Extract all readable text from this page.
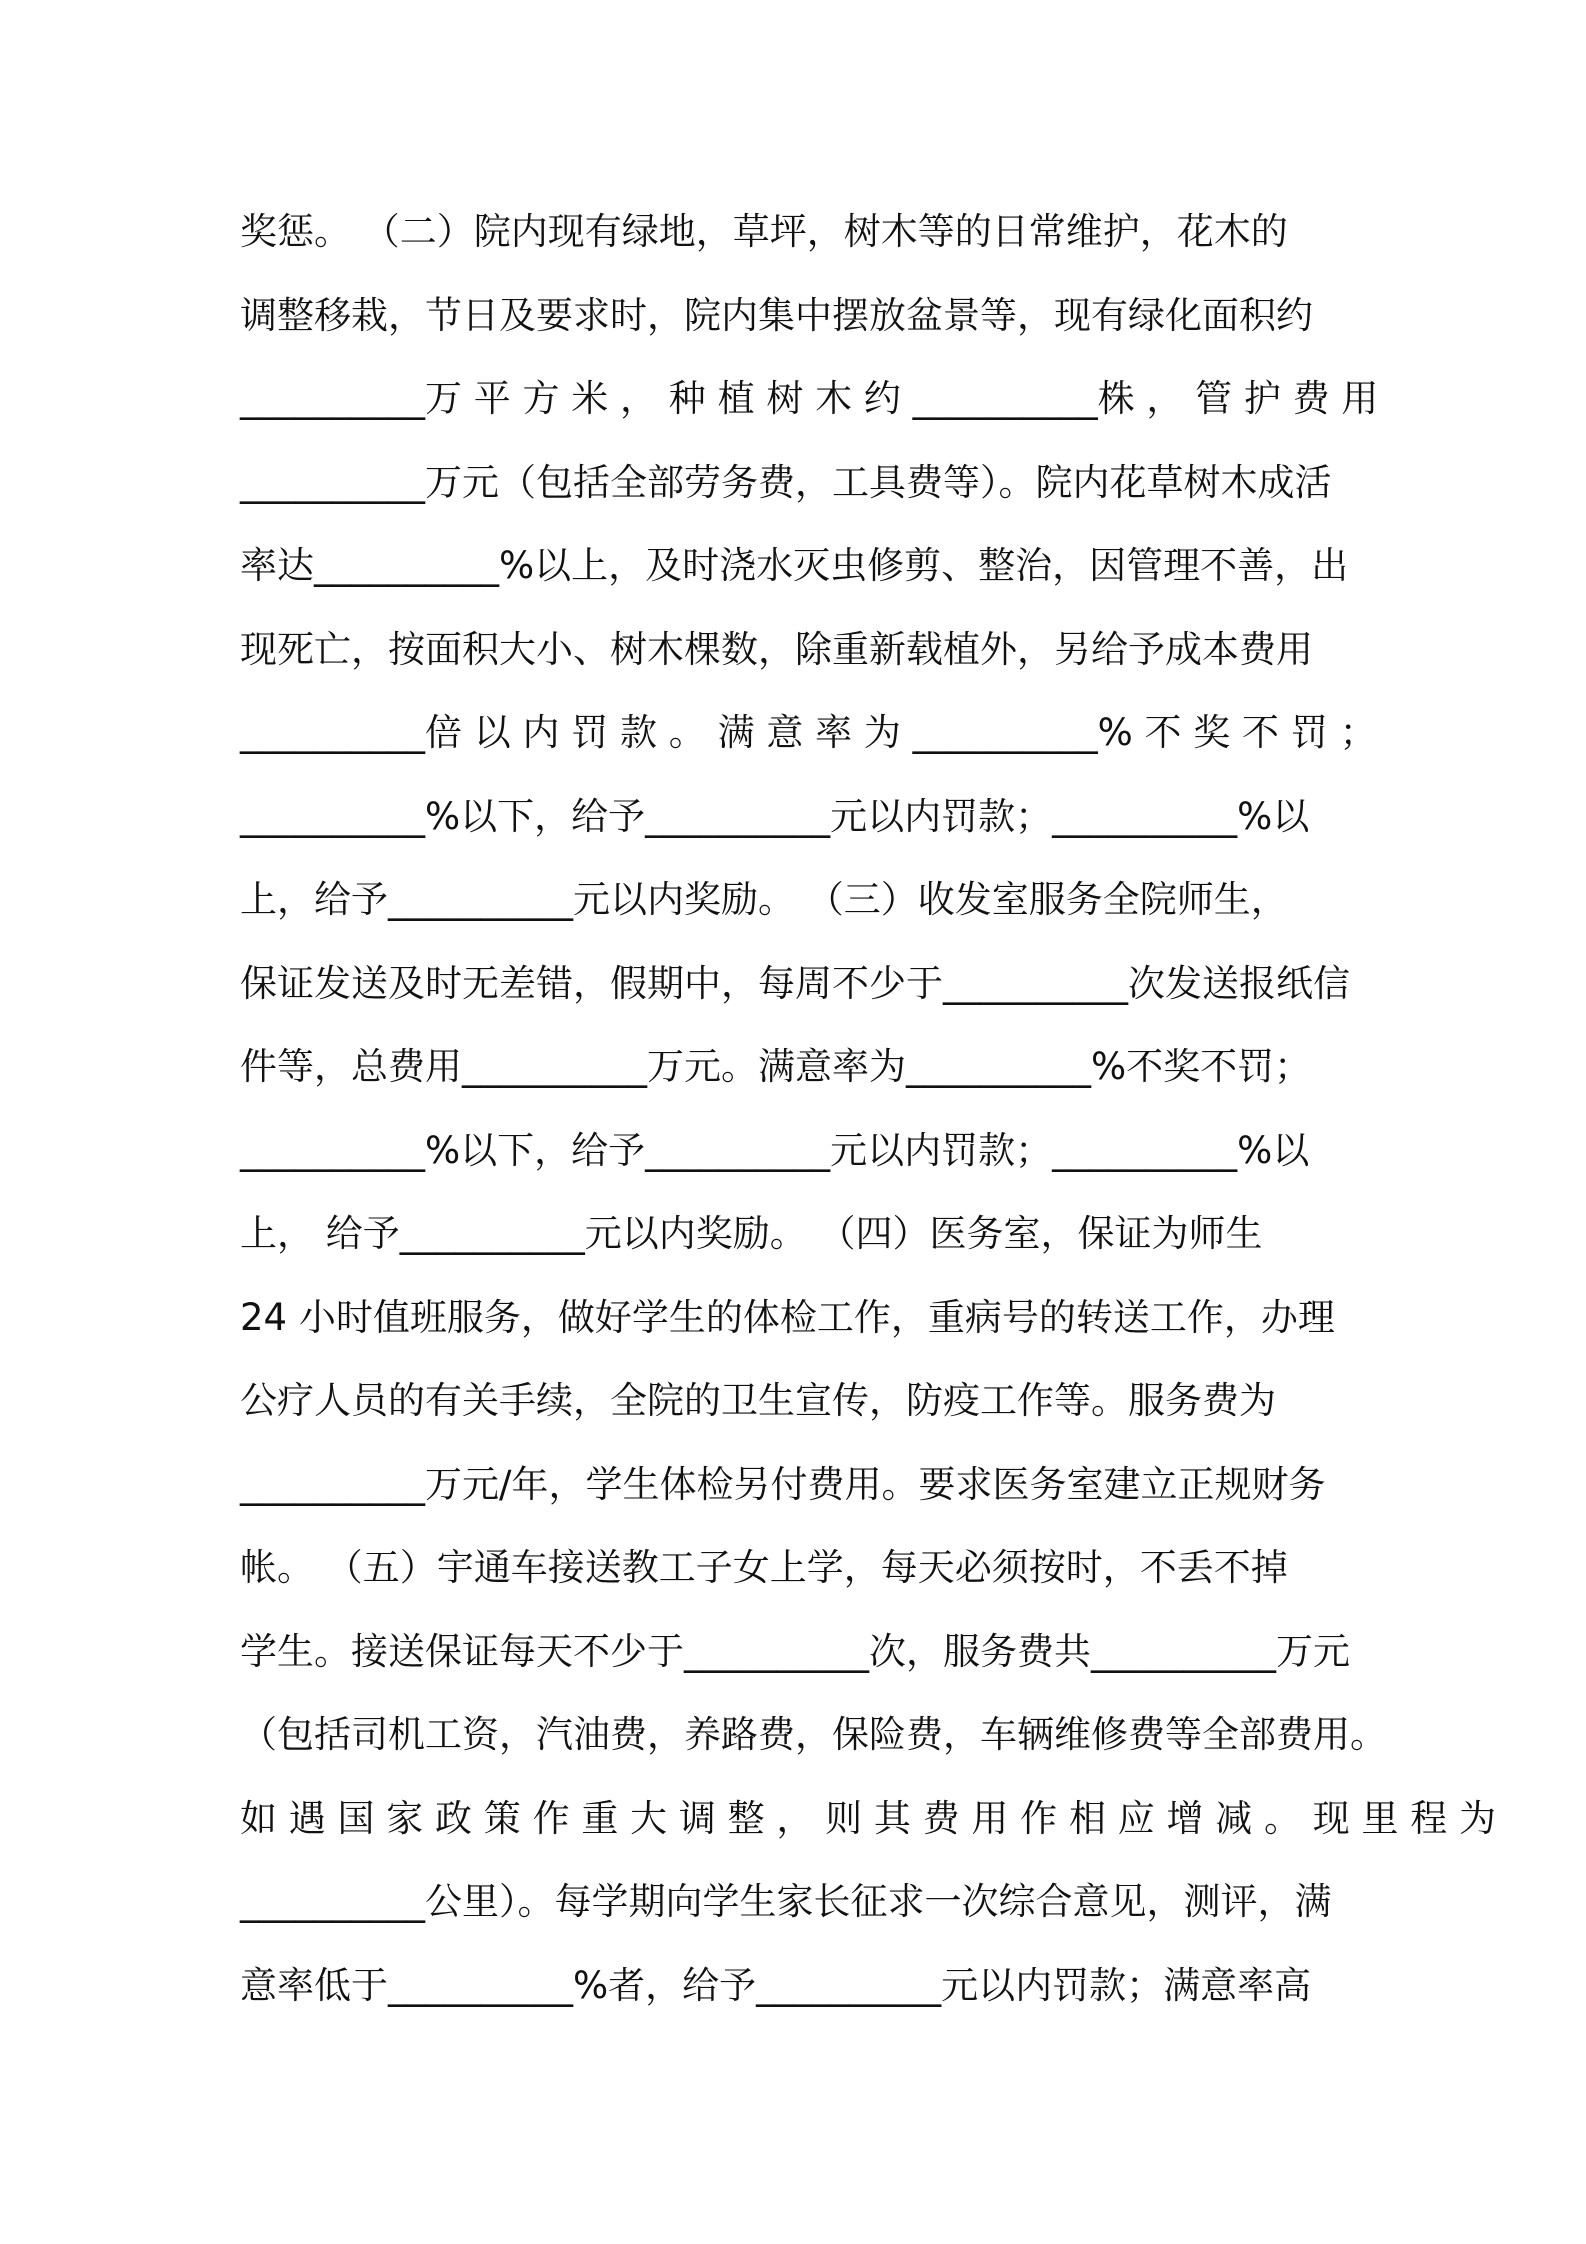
奖惩。 （二）院内现有绿地，草坪，树木等的日常维护，花木的
调整移栽，节日及要求时，院内集中摆放盆景等，现有绿化面积约
__________万 平 方 米 ， 种 植 树 木 约 __________株 ， 管 护 费 用
__________万元（包括全部劳务费，工具费等）。院内花草树木成活
率达__________%以上，及时浇水灭虫修剪、整治，因管理不善，出
现死亡，按面积大小、树木棵数，除重新载植外，另给予成本费用
__________倍 以 内 罚 款 。 满 意 率 为 __________% 不 奖 不 罚 ；
__________%以下，给予__________元以内罚款；__________%以
上，给予__________元以内奖励。 （三）收发室服务全院师生，
保证发送及时无差错，假期中，每周不少于__________次发送报纸信
件等，总费用__________万元。满意率为__________%不奖不罚；
__________%以下，给予__________元以内罚款；__________%以
上， 给予__________元以内奖励。 （四）医务室，保证为师生
24 小时值班服务，做好学生的体检工作，重病号的转送工作，办理
公疗人员的有关手续，全院的卫生宣传，防疫工作等。服务费为
__________万元/年，学生体检另付费用。要求医务室建立正规财务
帐。 （五）宇通车接送教工子女上学，每天必须按时，不丢不掉
学生。接送保证每天不少于__________次，服务费共__________万元
（包括司机工资，汽油费，养路费，保险费，车辆维修费等全部费用。
如 遇 国 家 政 策 作 重 大 调 整 ， 则 其 费 用 作 相 应 增 减 。 现 里 程 为
__________公里）。每学期向学生家长征求一次综合意见，测评，满
意率低于__________%者，给予__________元以内罚款；满意率高
